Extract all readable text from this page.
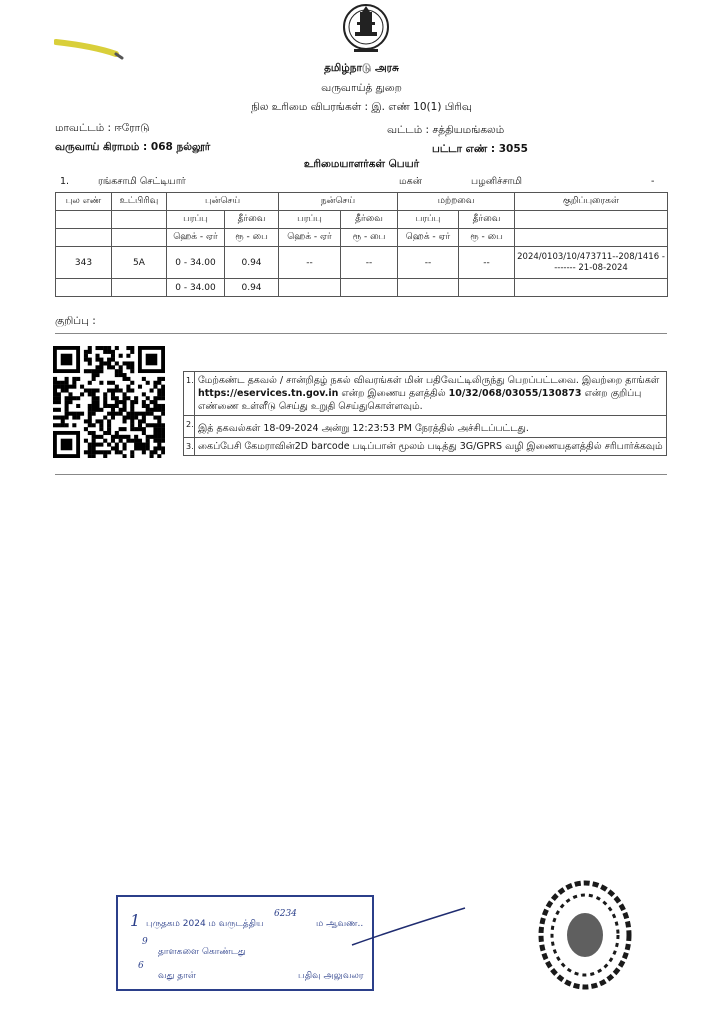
தமிழ்நாடு அரசு
வருவாய்த் துறை
நில உரிமை விபரங்கள் : இ. எண் 10(1) பிரிவு
மாவட்டம் : ஈரோடு	வட்டம் : சத்தியமங்கலம்
வருவாய் கிராமம் : 068 நல்லூர்	பட்டா எண் : 3055
உரிமையாளர்கள் பெயர்
1.	ரங்கசாமி செட்டியார்	மகன்	பழனிச்சாமி	-
புல எண்	உட்பிரிவு	புன்செய்		நன்செய்		மற்றவை		குறிப்புரைகள்
		பரப்பு	தீர்வை	பரப்பு	தீர்வை	பரப்பு	தீர்வை	
		ஹெக் - ஏர்	ரூ - பை	ஹெக் - ஏர்	ரூ - பை	ஹெக் - ஏர்	ரூ - பை	
343	5A	0 - 34.00	0.94	--	--	--	--	2024/0103/10/473711--208/1416 -------- 21-08-2024
		0 - 34.00	0.94					
குறிப்பு :
1.	மேற்கண்ட தகவல் / சான்றிதழ் நகல் விவரங்கள் மின் பதிவேட்டிலிருந்து பெறப்பட்டவை. இவற்றை தாங்கள் https://eservices.tn.gov.in என்ற இணைய தளத்தில் 10/32/068/03055/130873 என்ற குறிப்பு எண்ணை உள்ளீடு செய்து உறுதி செய்துகொள்ளவும்.
2.	இத் தகவல்கள் 18-09-2024 அன்று 12:23:53 PM நேரத்தில் அச்சிடப்பட்டது.
3.	கைப்பேசி கேமராவின்2D barcode படிப்பான் மூலம் படித்து 3G/GPRS வழி இணையதளத்தில் சரிபார்க்கவும்
1 புருதகம 2024 ம வருடத்திய
6234
ம ஆவண..
9
தாளகளை கொண்டது
6
வது தாள்	பதிவு அலுவலர
